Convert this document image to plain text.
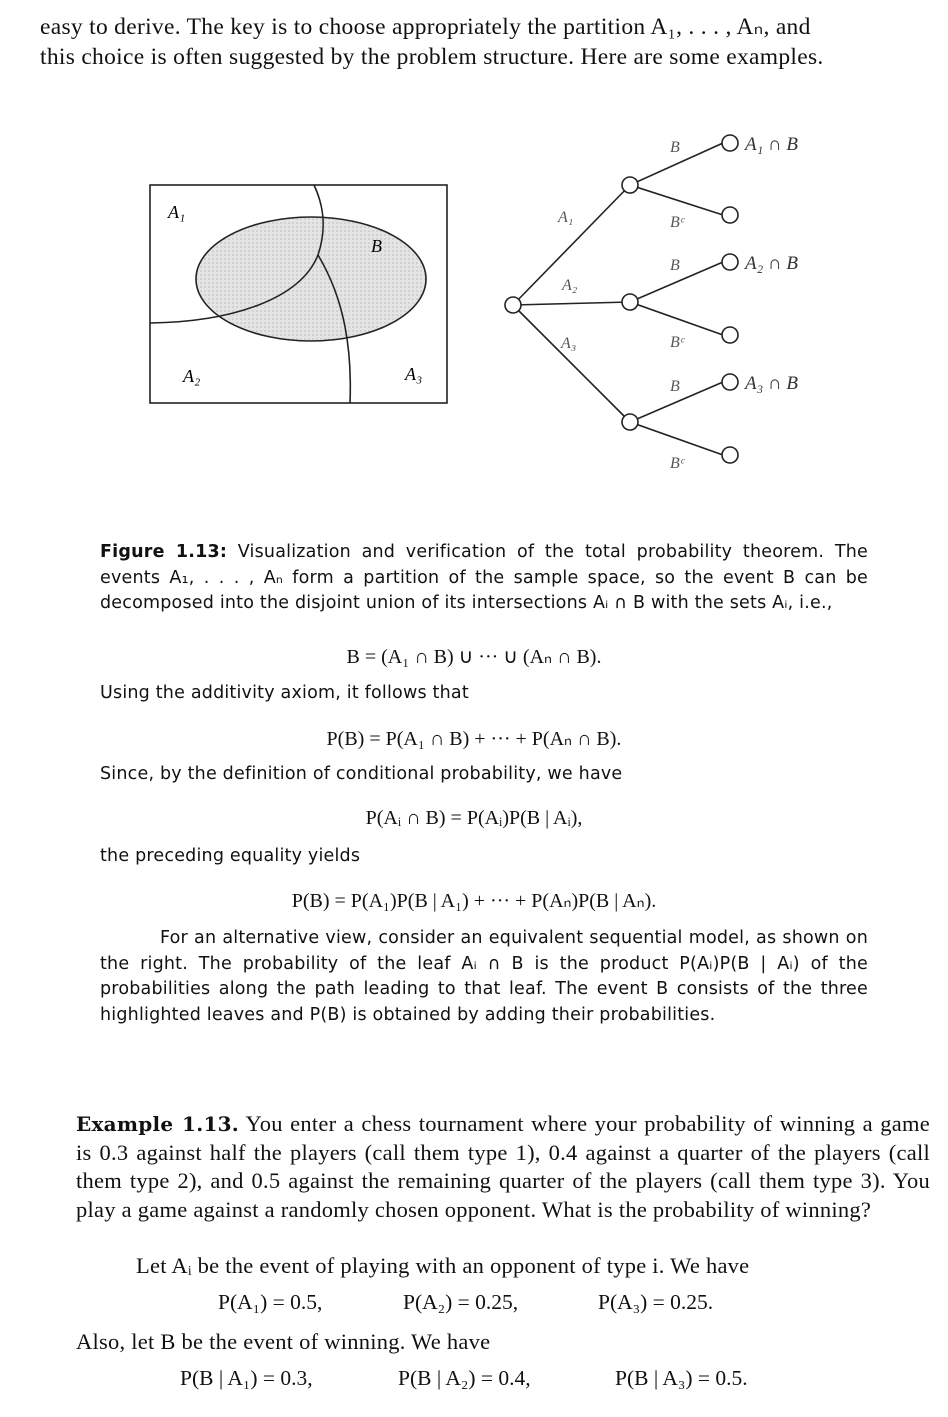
easy to derive. The key is to choose appropriately the partition A₁, . . . , Aₙ, and
this choice is often suggested by the problem structure. Here are some examples.
A₁
A₂	A₃
B
A₁
A₂
A₃
B
Bᶜ
B
Bᶜ
B
Bᶜ
A₁ ∩ B
A₂ ∩ B
A₃ ∩ B
Figure 1.13: Visualization and verification of the total probability theorem. The events A₁, . . . , Aₙ form a partition of the sample space, so the event B can be decomposed into the disjoint union of its intersections Aᵢ ∩ B with the sets Aᵢ, i.e.,
B = (A₁ ∩ B) ∪ ··· ∪ (Aₙ ∩ B).
Using the additivity axiom, it follows that
P(B) = P(A₁ ∩ B) + ··· + P(Aₙ ∩ B).
Since, by the definition of conditional probability, we have
P(Aᵢ ∩ B) = P(Aᵢ)P(B | Aᵢ),
the preceding equality yields
P(B) = P(A₁)P(B | A₁) + ··· + P(Aₙ)P(B | Aₙ).
For an alternative view, consider an equivalent sequential model, as shown on the right. The probability of the leaf Aᵢ ∩ B is the product P(Aᵢ)P(B | Aᵢ) of the probabilities along the path leading to that leaf. The event B consists of the three highlighted leaves and P(B) is obtained by adding their probabilities.
Example 1.13. You enter a chess tournament where your probability of winning a game is 0.3 against half the players (call them type 1), 0.4 against a quarter of the players (call them type 2), and 0.5 against the remaining quarter of the players (call them type 3). You play a game against a randomly chosen opponent. What is the probability of winning?
Let Aᵢ be the event of playing with an opponent of type i. We have
P(A₁) = 0.5,	P(A₂) = 0.25,	P(A₃) = 0.25.
Also, let B be the event of winning. We have
P(B | A₁) = 0.3,	P(B | A₂) = 0.4,	P(B | A₃) = 0.5.
